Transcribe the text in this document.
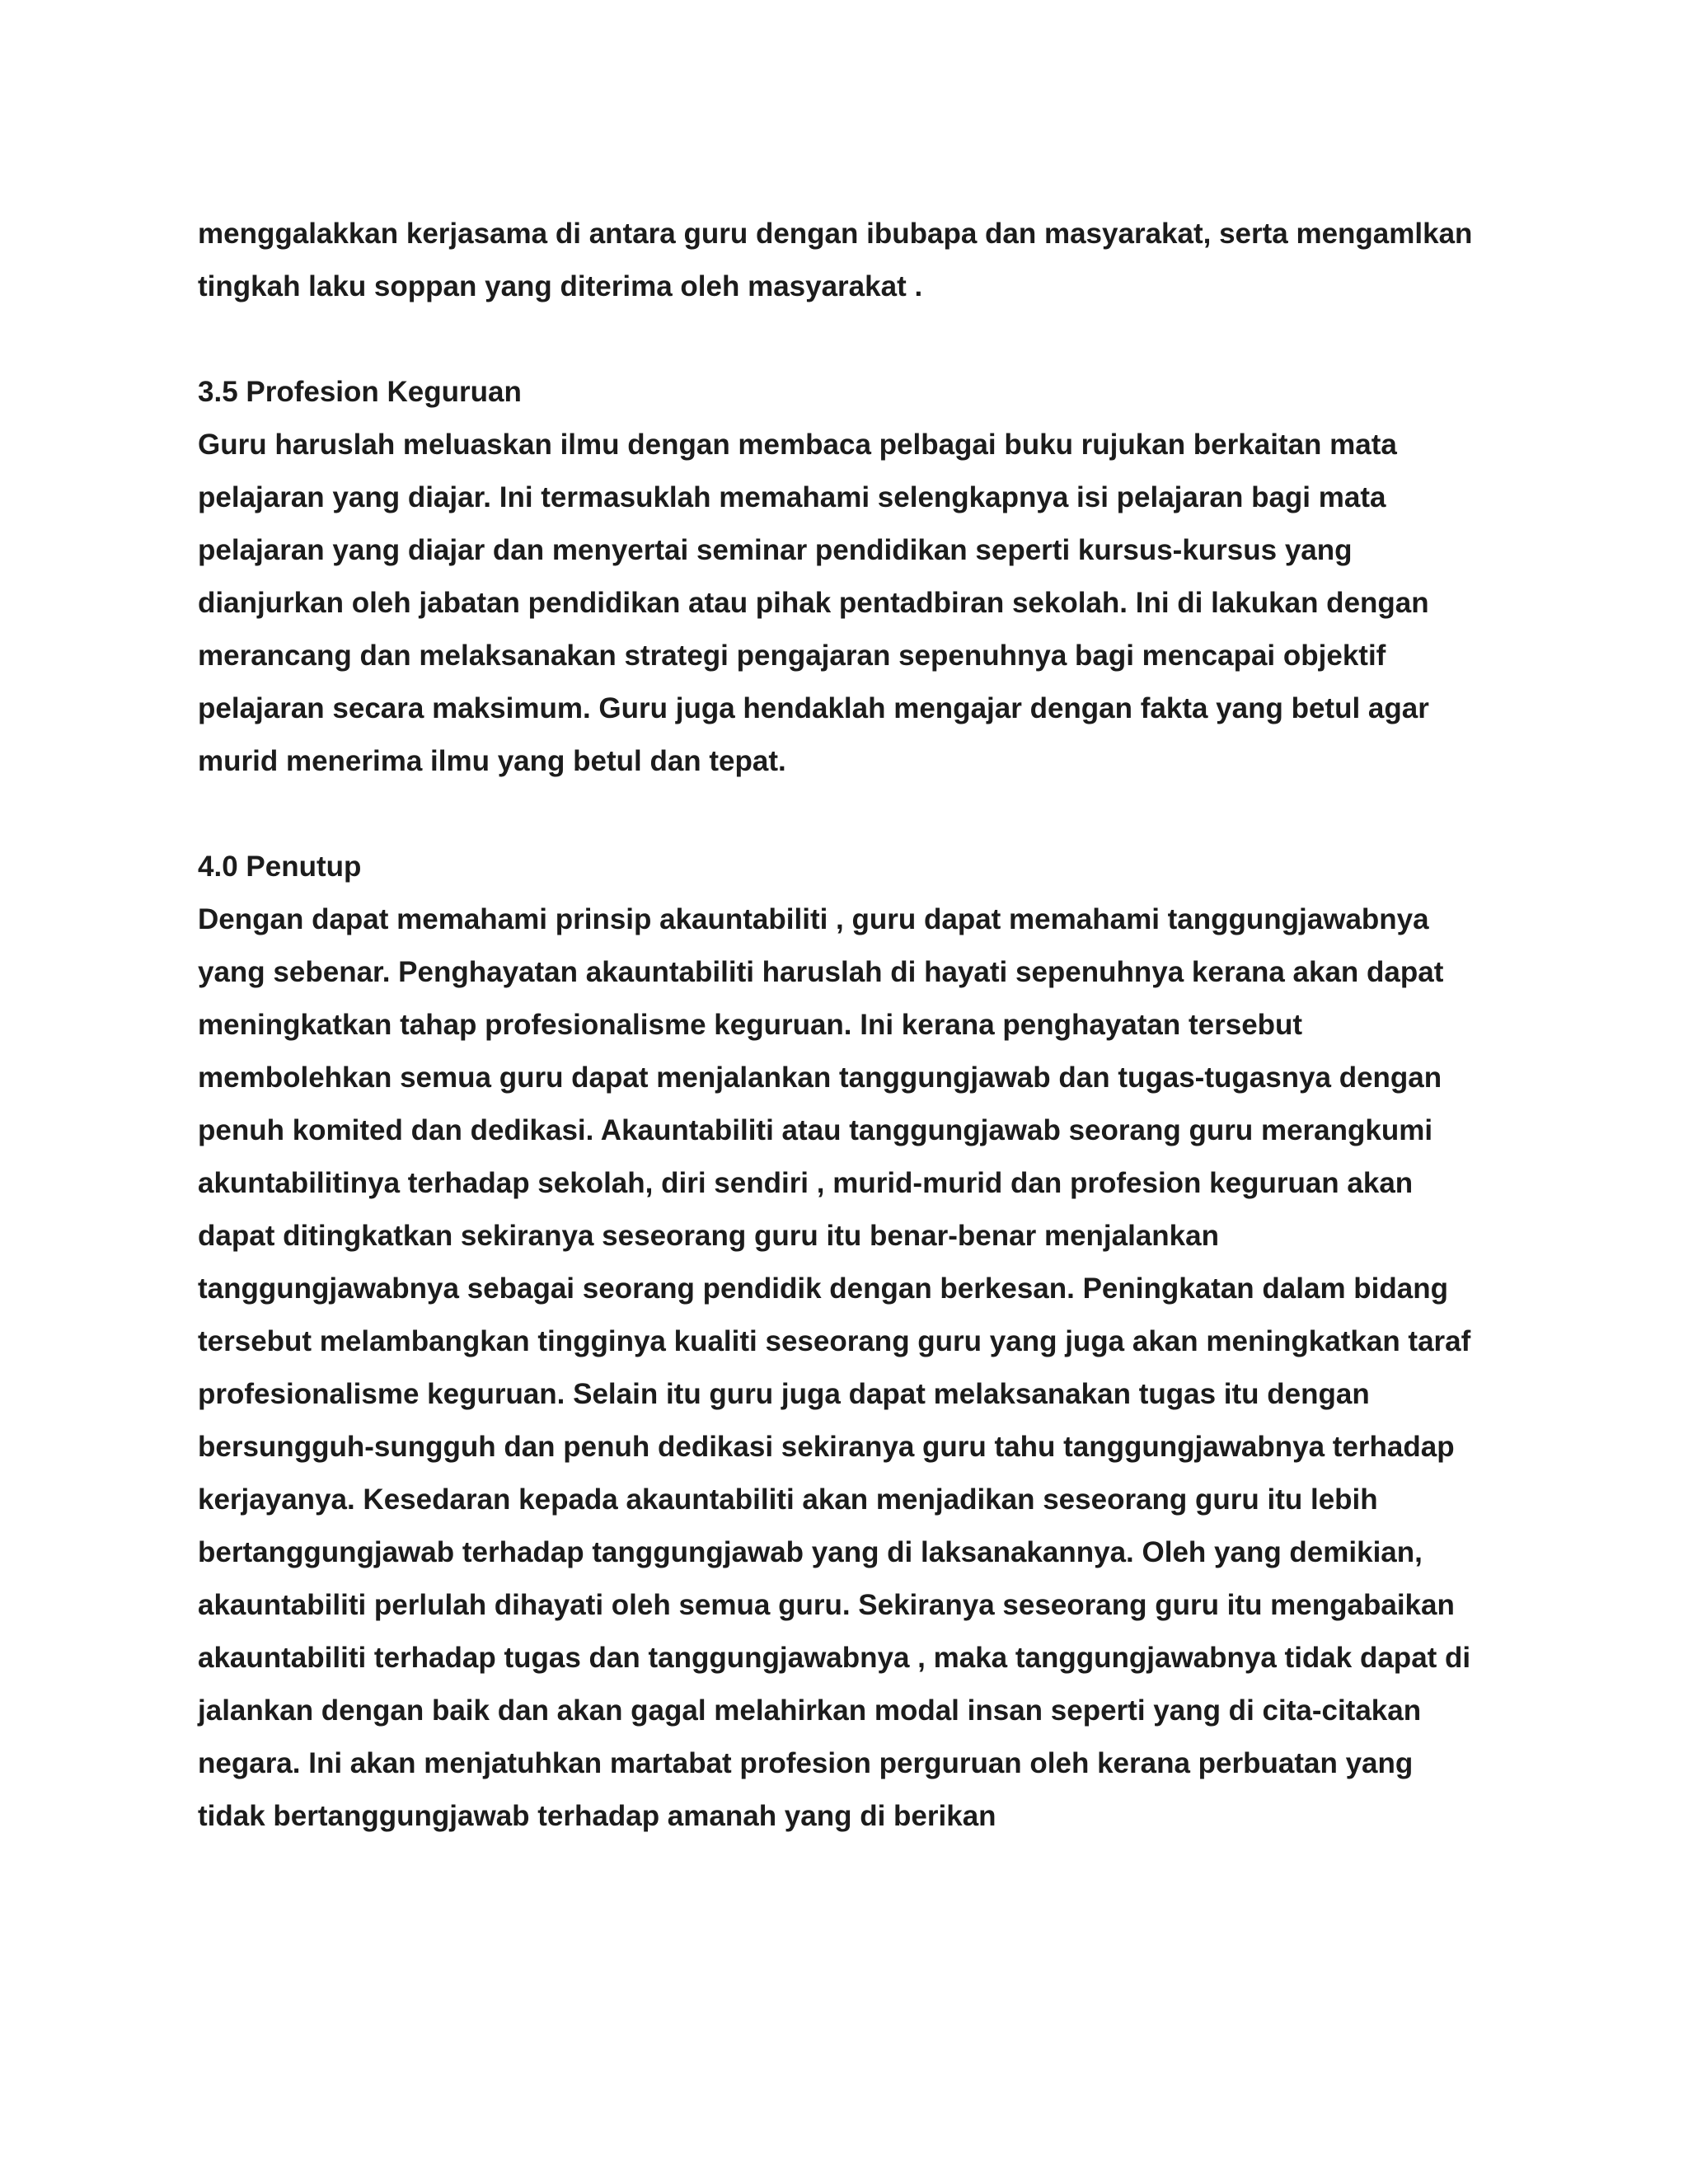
menggalakkan kerjasama di antara guru dengan ibubapa dan masyarakat, serta mengamlkan
tingkah laku soppan yang diterima oleh masyarakat .
3.5 Profesion Keguruan
Guru haruslah meluaskan ilmu dengan membaca pelbagai buku rujukan berkaitan mata
pelajaran yang diajar. Ini termasuklah memahami selengkapnya isi pelajaran bagi mata
pelajaran yang diajar dan menyertai seminar pendidikan seperti kursus-kursus yang
dianjurkan oleh jabatan pendidikan atau pihak pentadbiran sekolah. Ini di lakukan dengan
merancang dan melaksanakan strategi pengajaran sepenuhnya bagi mencapai objektif
pelajaran secara maksimum. Guru juga hendaklah mengajar dengan fakta yang betul agar
murid menerima ilmu yang betul dan tepat.
4.0 Penutup
Dengan dapat memahami prinsip akauntabiliti , guru dapat memahami tanggungjawabnya
yang sebenar. Penghayatan akauntabiliti haruslah di hayati sepenuhnya kerana akan dapat
meningkatkan tahap profesionalisme keguruan. Ini kerana penghayatan tersebut
membolehkan semua guru dapat menjalankan tanggungjawab dan tugas-tugasnya dengan
penuh komited dan dedikasi. Akauntabiliti atau tanggungjawab seorang guru merangkumi
akuntabilitinya terhadap sekolah, diri sendiri , murid-murid dan profesion keguruan akan
dapat ditingkatkan sekiranya seseorang guru itu benar-benar menjalankan
tanggungjawabnya sebagai seorang pendidik dengan berkesan. Peningkatan dalam bidang
tersebut melambangkan tingginya kualiti seseorang guru yang juga akan meningkatkan taraf
profesionalisme keguruan. Selain itu guru juga dapat melaksanakan tugas itu dengan
bersungguh-sungguh dan penuh dedikasi sekiranya guru tahu tanggungjawabnya terhadap
kerjayanya. Kesedaran kepada akauntabiliti akan menjadikan seseorang guru itu lebih
bertanggungjawab terhadap tanggungjawab yang di laksanakannya. Oleh yang demikian,
akauntabiliti perlulah dihayati oleh semua guru. Sekiranya seseorang guru itu mengabaikan
akauntabiliti terhadap tugas dan tanggungjawabnya , maka tanggungjawabnya tidak dapat di
jalankan dengan baik dan akan gagal melahirkan modal insan seperti yang di cita-citakan
negara. Ini akan menjatuhkan martabat profesion perguruan oleh kerana perbuatan yang
tidak bertanggungjawab terhadap amanah yang di berikan
